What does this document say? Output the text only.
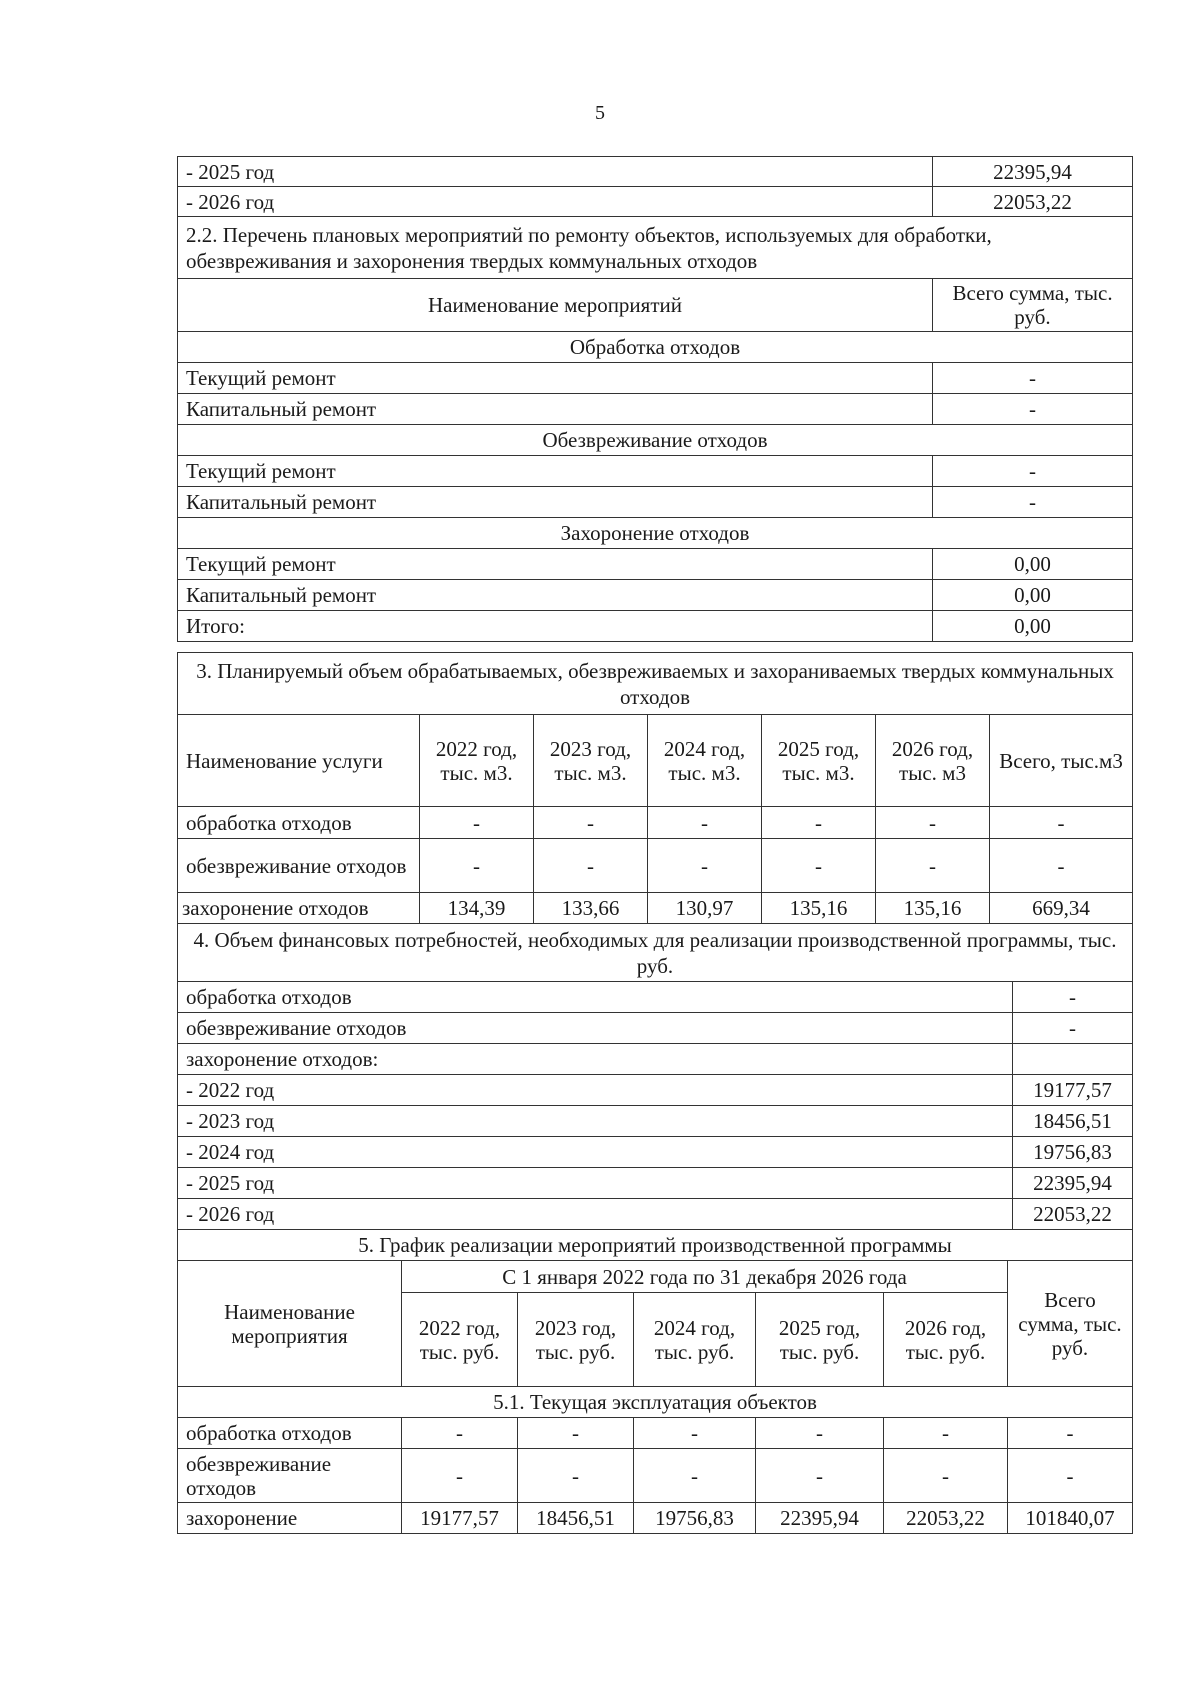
5
- 2025 год	22395,94
- 2026 год	22053,22
2.2. Перечень плановых мероприятий по ремонту объектов, используемых для обработки, обезвреживания и захоронения твердых коммунальных отходов	
Наименование мероприятий	Всего сумма, тыс. руб.
Обработка отходов	
Текущий ремонт	-
Капитальный ремонт	-
Обезвреживание отходов	
Текущий ремонт	-
Капитальный ремонт	-
Захоронение отходов	
Текущий ремонт	0,00
Капитальный ремонт	0,00
Итого:	0,00
3. Планируемый объем обрабатываемых, обезвреживаемых и захораниваемых твердых коммунальных отходов						
Наименование услуги	2022 год, тыс. м3.	2023 год, тыс. м3.	2024 год, тыс. м3.	2025 год, тыс. м3.	2026 год, тыс. м3	Всего, тыс.м3
обработка отходов	-	-	-	-	-	-
обезвреживание отходов	-	-	-	-	-	-
захоронение отходов	134,39	133,66	130,97	135,16	135,16	669,34
4. Объем финансовых потребностей, необходимых для реализации производственной программы, тыс. руб.	
обработка отходов	-
обезвреживание отходов	-
захоронение отходов:	
- 2022 год	19177,57
- 2023 год	18456,51
- 2024 год	19756,83
- 2025 год	22395,94
- 2026 год	22053,22
5. График реализации мероприятий производственной программы						
Наименование мероприятия	С 1 января 2022 года по 31 декабря 2026 года					Всего сумма, тыс. руб.
	2022 год, тыс. руб.	2023 год, тыс. руб.	2024 год, тыс. руб.	2025 год, тыс. руб.	2026 год, тыс. руб.	
5.1. Текущая эксплуатация объектов						
обработка отходов	-	-	-	-	-	-
обезвреживание отходов	-	-	-	-	-	-
захоронение	19177,57	18456,51	19756,83	22395,94	22053,22	101840,07
